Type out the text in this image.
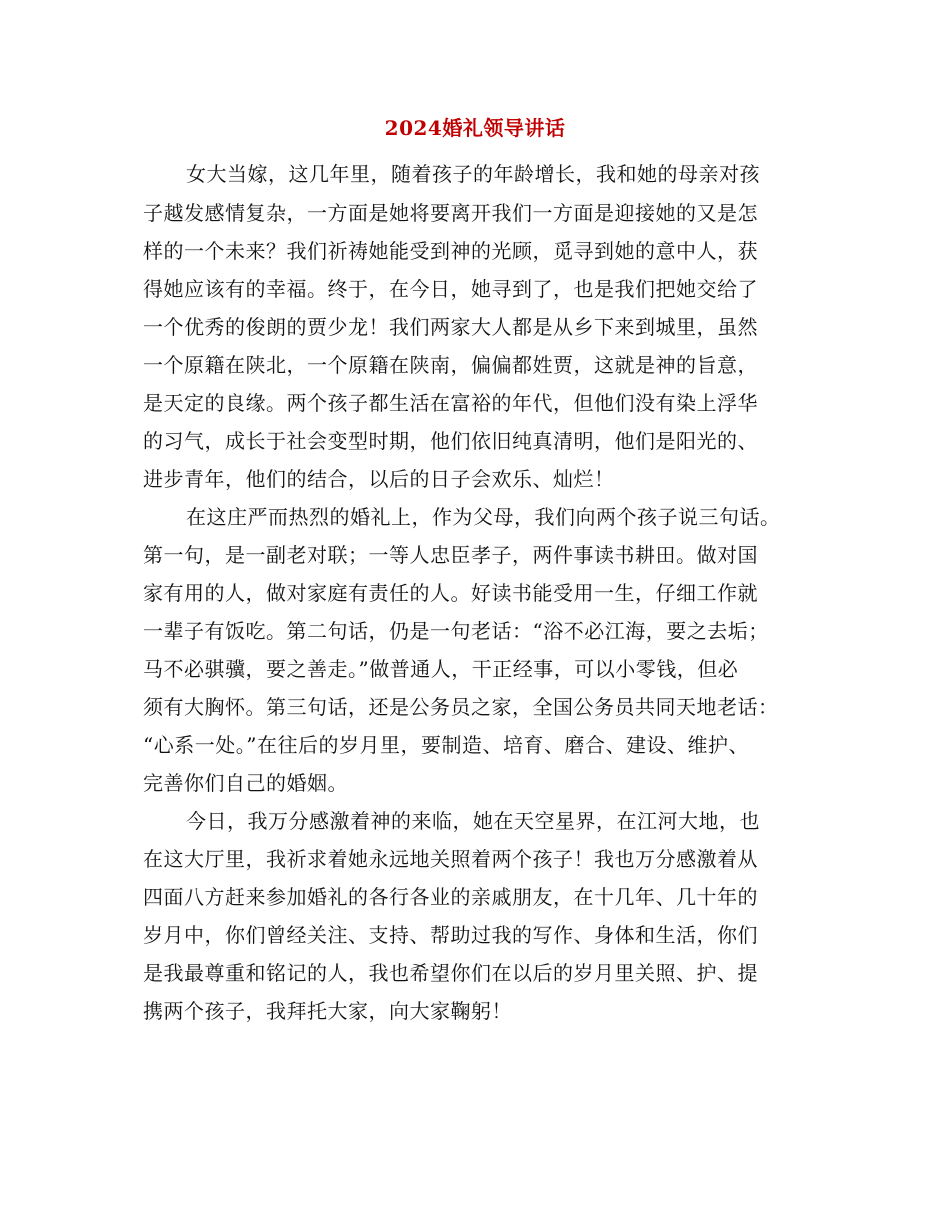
2024婚礼领导讲话
女大当嫁，这几年里，随着孩子的年龄增长，我和她的母亲对孩
子越发感情复杂，一方面是她将要离开我们一方面是迎接她的又是怎
样的一个未来？我们祈祷她能受到神的光顾，觅寻到她的意中人，获
得她应该有的幸福。终于，在今日，她寻到了，也是我们把她交给了
一个优秀的俊朗的贾少龙！我们两家大人都是从乡下来到城里，虽然
一个原籍在陕北，一个原籍在陕南，偏偏都姓贾，这就是神的旨意，
是天定的良缘。两个孩子都生活在富裕的年代，但他们没有染上浮华
的习气，成长于社会变型时期，他们依旧纯真清明，他们是阳光的、
进步青年，他们的结合，以后的日子会欢乐、灿烂！
在这庄严而热烈的婚礼上，作为父母，我们向两个孩子说三句话。
第一句，是一副老对联；一等人忠臣孝子，两件事读书耕田。做对国
家有用的人，做对家庭有责任的人。好读书能受用一生，仔细工作就
一辈子有饭吃。第二句话，仍是一句老话：“浴不必江海，要之去垢；
马不必骐骥，要之善走。”做普通人，干正经事，可以小零钱，但必
须有大胸怀。第三句话，还是公务员之家，全国公务员共同天地老话：
“心系一处。”在往后的岁月里，要制造、培育、磨合、建设、维护、
完善你们自己的婚姻。
今日，我万分感激着神的来临，她在天空星界，在江河大地，也
在这大厅里，我祈求着她永远地关照着两个孩子！我也万分感激着从
四面八方赶来参加婚礼的各行各业的亲戚朋友，在十几年、几十年的
岁月中，你们曾经关注、支持、帮助过我的写作、身体和生活，你们
是我最尊重和铭记的人，我也希望你们在以后的岁月里关照、护、提
携两个孩子，我拜托大家，向大家鞠躬！
